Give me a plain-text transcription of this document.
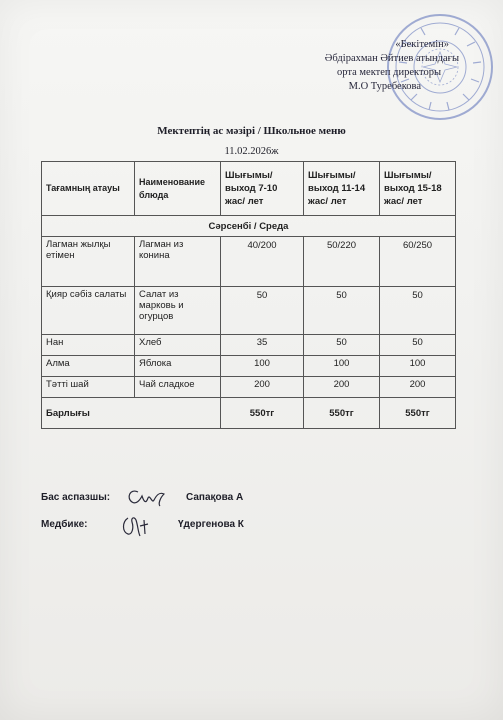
«Бекітемін»
Әбдірахман Әйтиев атындағы
орта мектеп директоры
М.О Туребекова
Мектептің ас мәзірі / Школьное меню
11.02.2026ж
Тағамның атауы	Наименование блюда	Шығымы/ выход 7-10 жас/ лет	Шығымы/ выход 11-14 жас/ лет	Шығымы/ выход 15-18 жас/ лет
Сәрсенбі / Среда				
Лагман жылқы етімен	Лагман из конина	40/200	50/220	60/250
Қияр сәбіз салаты	Салат из марковь и огурцов	50	50	50
Нан	Хлеб	35	50	50
Алма	Яблока	100	100	100
Тәтті шай	Чай сладкое	200	200	200
Барлығы		550тг	550тг	550тг
Бас аспазшы:	Сапақова А
Медбике:	Үдергенова К
